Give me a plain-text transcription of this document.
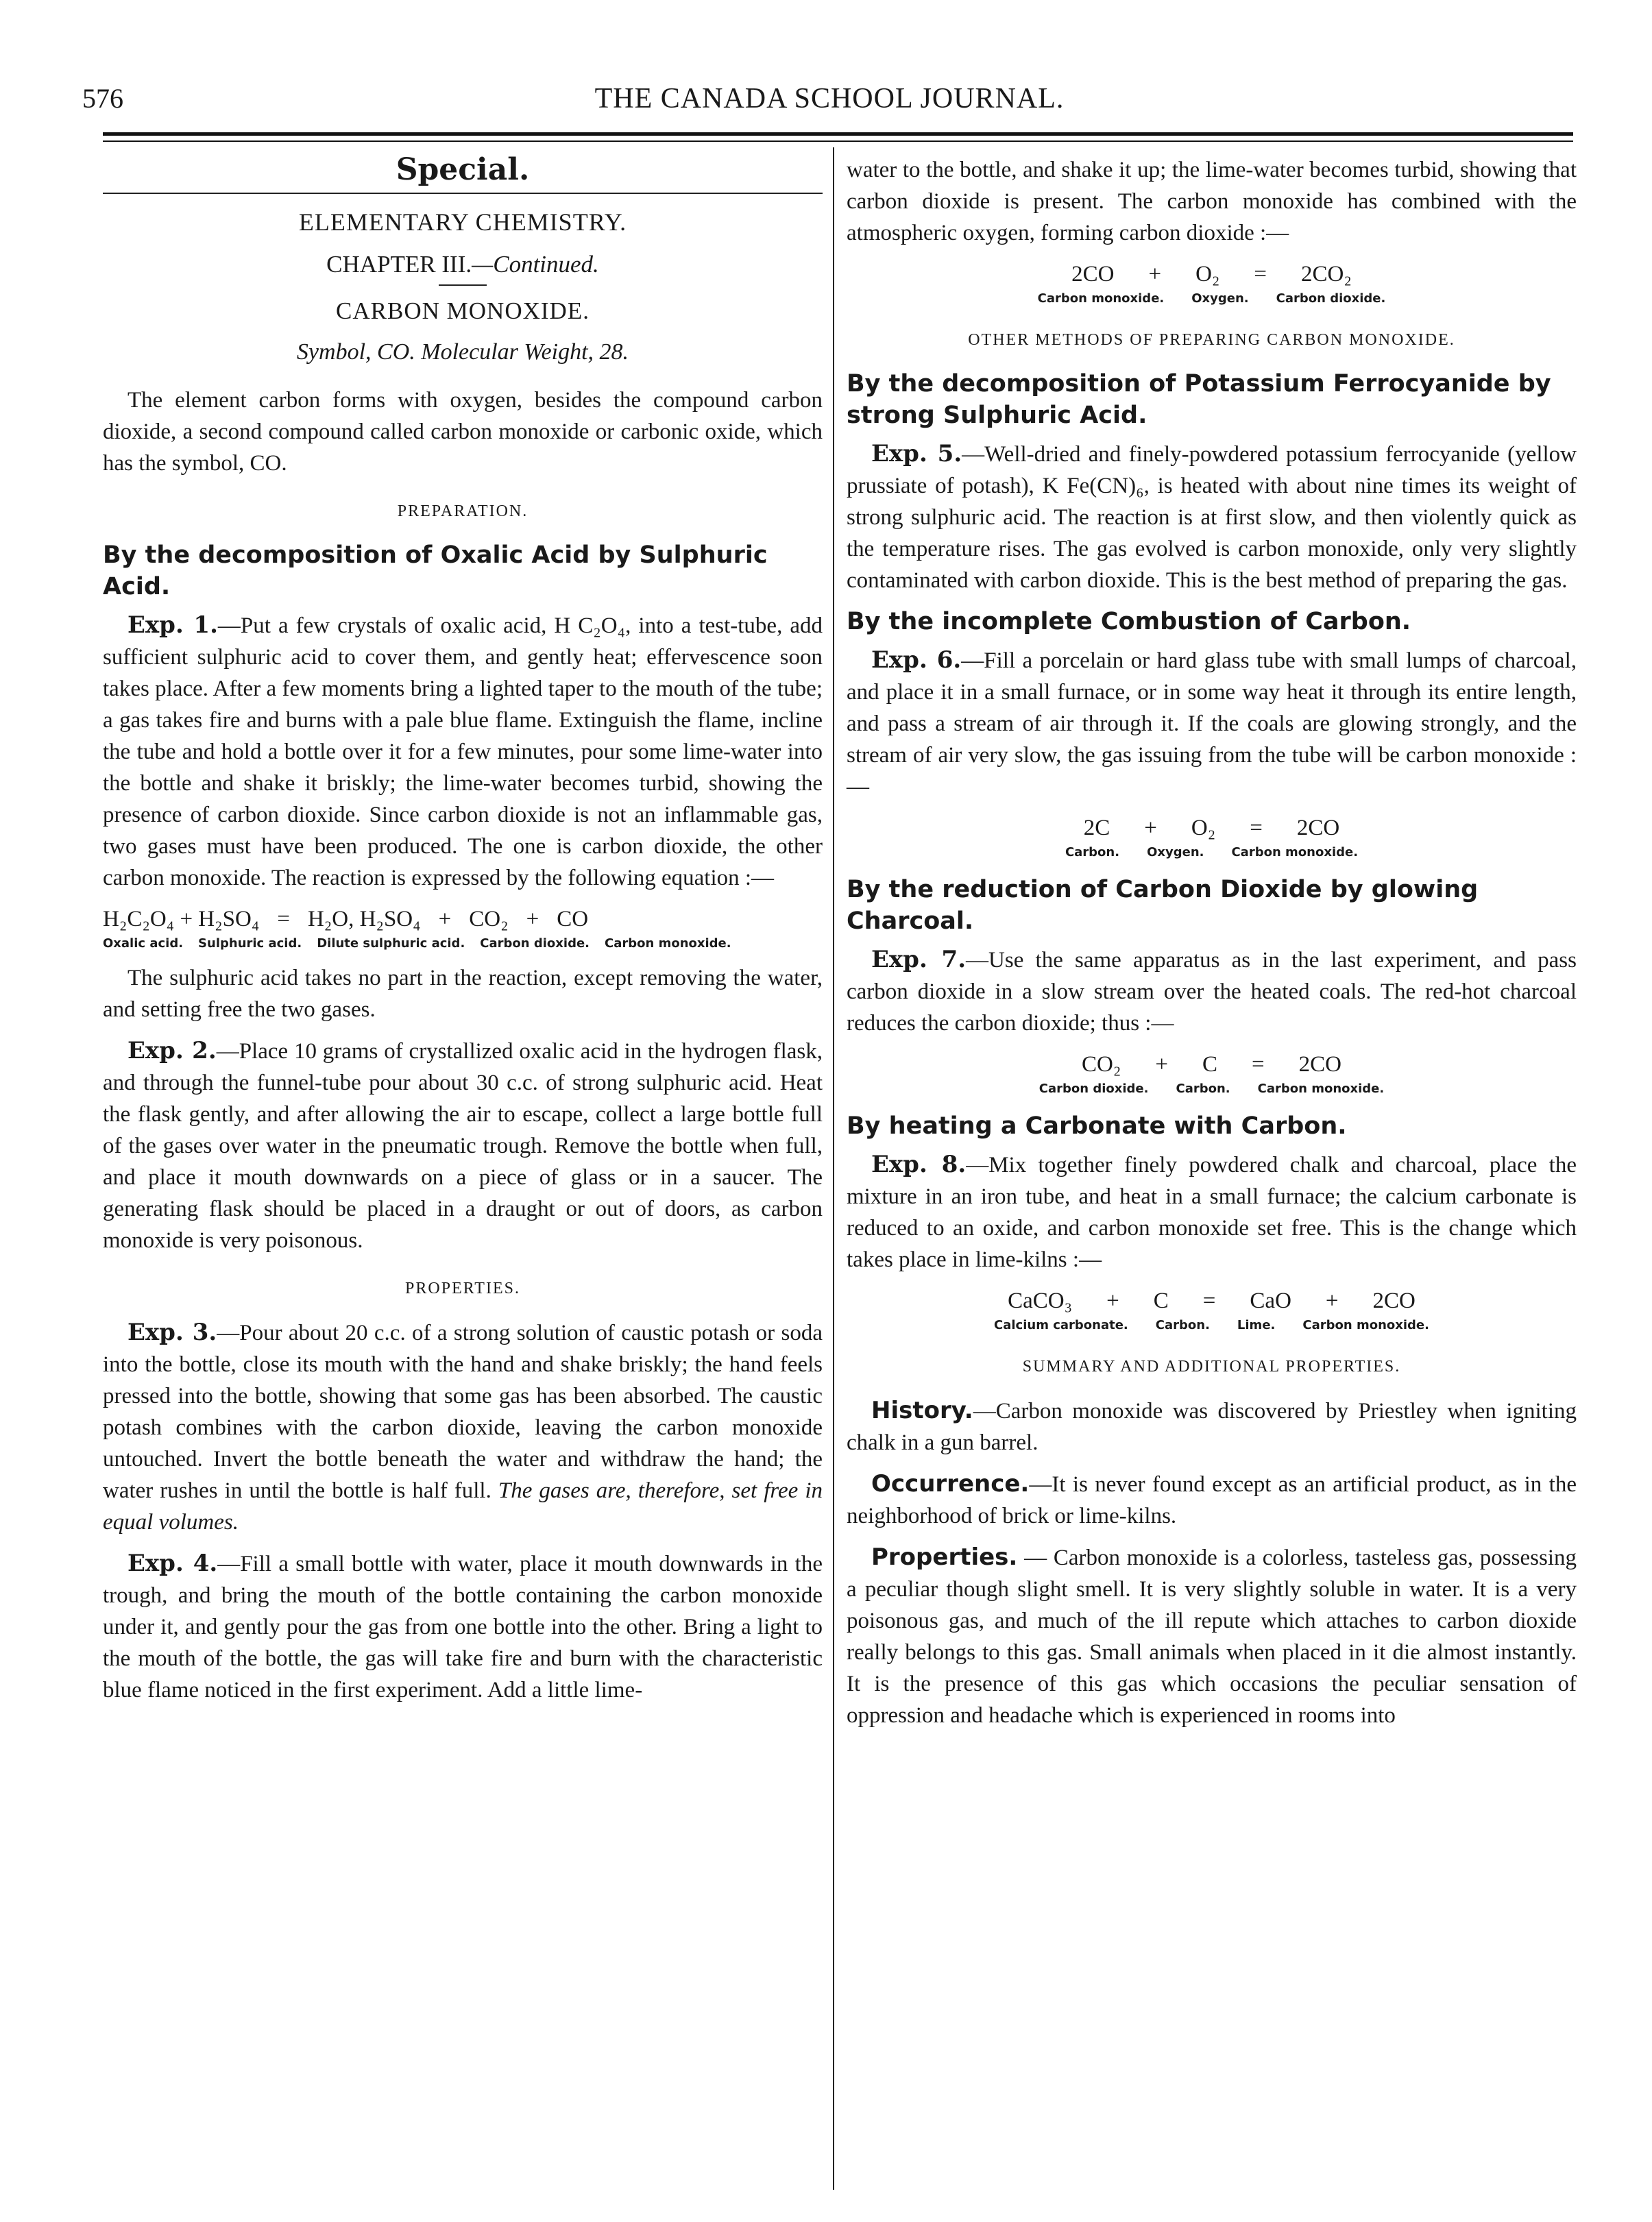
576	THE CANADA SCHOOL JOURNAL.
Special.
ELEMENTARY CHEMISTRY.
CHAPTER III.—Continued.
CARBON MONOXIDE.
Symbol, CO. Molecular Weight, 28.

The element carbon forms with oxygen, besides the compound carbon dioxide, a second compound called carbon monoxide or carbonic oxide, which has the symbol, CO.

PREPARATION.
By the decomposition of Oxalic Acid by Sulphuric Acid.

Exp. 1.—Put a few crystals of oxalic acid, H C₂O₄, into a test-tube, add sufficient sulphuric acid to cover them, and gently heat; effervescence soon takes place. After a few moments bring a lighted taper to the mouth of the tube; a gas takes fire and burns with a pale blue flame. Extinguish the flame, incline the tube and hold a bottle over it for a few minutes, pour some lime-water into the bottle and shake it briskly; the lime-water becomes turbid, showing the presence of carbon dioxide. Since carbon dioxide is not an inflammable gas, two gases must have been produced. The one is carbon dioxide, the other carbon monoxide. The reaction is expressed by the following equation :—

H₂C₂O₄ + H₂SO₄ = H₂O, H₂SO₄ + CO₂ + CO
Oxalic acid. Sulphuric acid. Dilute sulphuric acid. Carbon dioxide. Carbon monoxide.

The sulphuric acid takes no part in the reaction, except removing the water, and setting free the two gases.

Exp. 2.—Place 10 grams of crystallized oxalic acid in the hydrogen flask, and through the funnel-tube pour about 30 c.c. of strong sulphuric acid. Heat the flask gently, and after allowing the air to escape, collect a large bottle full of the gases over water in the pneumatic trough. Remove the bottle when full, and place it mouth downwards on a piece of glass or in a saucer. The generating flask should be placed in a draught or out of doors, as carbon monoxide is very poisonous.

PROPERTIES.

Exp. 3.—Pour about 20 c.c. of a strong solution of caustic potash or soda into the bottle, close its mouth with the hand and shake briskly; the hand feels pressed into the bottle, showing that some gas has been absorbed. The caustic potash combines with the carbon dioxide, leaving the carbon monoxide untouched. Invert the bottle beneath the water and withdraw the hand; the water rushes in until the bottle is half full. The gases are, therefore, set free in equal volumes.

Exp. 4.—Fill a small bottle with water, place it mouth downwards in the trough, and bring the mouth of the bottle containing the carbon monoxide under it, and gently pour the gas from one bottle into the other. Bring a light to the mouth of the bottle, the gas will take fire and burn with the characteristic blue flame noticed in the first experiment. Add a little lime-

water to the bottle, and shake it up; the lime-water becomes turbid, showing that carbon dioxide is present. The carbon monoxide has combined with the atmospheric oxygen, forming carbon dioxide :—

2CO + O₂ = 2CO₂
Carbon monoxide. Oxygen. Carbon dioxide.
OTHER METHODS OF PREPARING CARBON MONOXIDE.
By the decomposition of Potassium Ferrocyanide by strong Sulphuric Acid.

Exp. 5.—Well-dried and finely-powdered potassium ferrocyanide (yellow prussiate of potash), K Fe(CN)₆, is heated with about nine times its weight of strong sulphuric acid. The reaction is at first slow, and then violently quick as the temperature rises. The gas evolved is carbon monoxide, only very slightly contaminated with carbon dioxide. This is the best method of preparing the gas.

By the incomplete Combustion of Carbon.

Exp. 6.—Fill a porcelain or hard glass tube with small lumps of charcoal, and place it in a small furnace, or in some way heat it through its entire length, and pass a stream of air through it. If the coals are glowing strongly, and the stream of air very slow, the gas issuing from the tube will be carbon monoxide :—

2C + O₂ = 2CO
Carbon. Oxygen. Carbon monoxide.
By the reduction of Carbon Dioxide by glowing Charcoal.

Exp. 7.—Use the same apparatus as in the last experiment, and pass carbon dioxide in a slow stream over the heated coals. The red-hot charcoal reduces the carbon dioxide; thus :—

CO₂ + C = 2CO
Carbon dioxide. Carbon. Carbon monoxide.
By heating a Carbonate with Carbon.

Exp. 8.—Mix together finely powdered chalk and charcoal, place the mixture in an iron tube, and heat in a small furnace; the calcium carbonate is reduced to an oxide, and carbon monoxide set free. This is the change which takes place in lime-kilns :—

CaCO₃ + C = CaO + 2CO
Calcium carbonate. Carbon. Lime. Carbon monoxide.
SUMMARY AND ADDITIONAL PROPERTIES.

History.—Carbon monoxide was discovered by Priestley when igniting chalk in a gun barrel.

Occurrence.—It is never found except as an artificial product, as in the neighborhood of brick or lime-kilns.

Properties. — Carbon monoxide is a colorless, tasteless gas, possessing a peculiar though slight smell. It is very slightly soluble in water. It is a very poisonous gas, and much of the ill repute which attaches to carbon dioxide really belongs to this gas. Small animals when placed in it die almost instantly. It is the presence of this gas which occasions the peculiar sensation of oppression and headache which is experienced in rooms into
